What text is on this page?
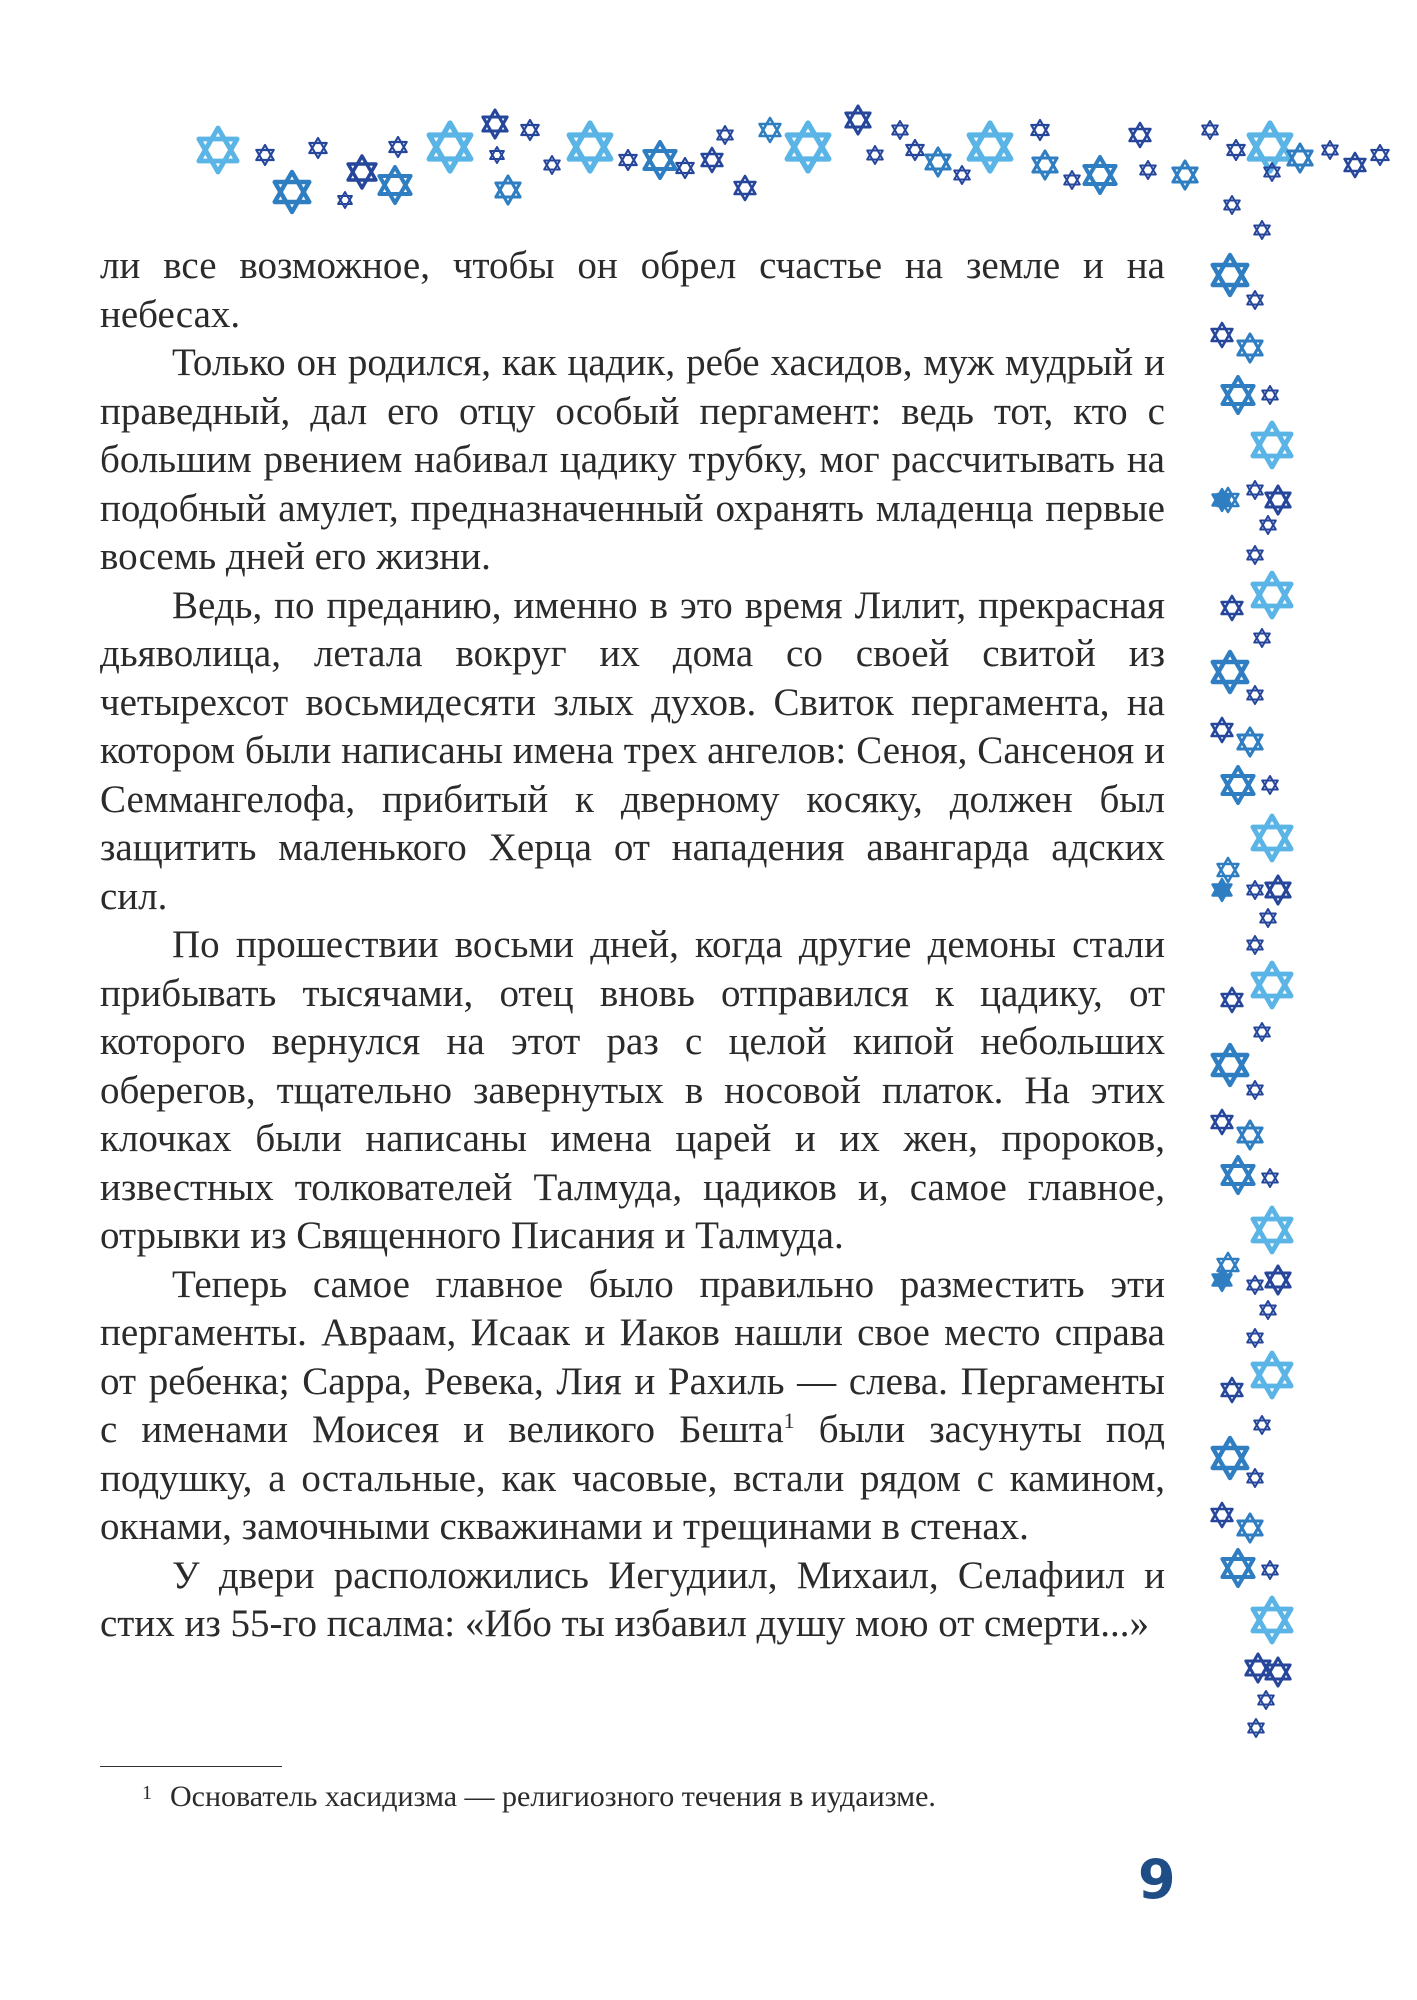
ли все возможное, чтобы он обрел счастье на земле и на небесах.

Только он родился, как цадик, ребе хасидов, муж мудрый и праведный, дал его отцу особый пергамент: ведь тот, кто с большим рвением набивал цадику трубку, мог рассчитывать на подобный амулет, предназначенный охранять младенца первые восемь дней его жизни.

Ведь, по преданию, именно в это время Лилит, прекрасная дьяволица, летала вокруг их дома со своей свитой из четырехсот восьмидесяти злых духов. Свиток пергамента, на котором были написаны имена трех ангелов: Сеноя, Сансеноя и Семмангелофа, прибитый к дверному косяку, должен был защитить маленького Херца от нападения авангарда адских сил.

По прошествии восьми дней, когда другие демоны стали прибывать тысячами, отец вновь отправился к цадику, от которого вернулся на этот раз с целой кипой небольших оберегов, тщательно завернутых в носовой платок. На этих клочках были написаны имена царей и их жен, пророков, известных толкователей Талмуда, цадиков и, самое главное, отрывки из Священного Писания и Талмуда.

Теперь самое главное было правильно разместить эти пергаменты. Авраам, Исаак и Иаков нашли свое место справа от ребенка; Сарра, Ревека, Лия и Рахиль — слева. Пергаменты с именами Моисея и великого Бешта$^1$ были засунуты под подушку, а остальные, как часовые, встали рядом с камином, окнами, замочными скважинами и трещинами в стенах.

У двери расположились Иегудиил, Михаил, Селафиил и стих из 55-го псалма: «Ибо ты избавил душу мою от смерти...»

1 Основатель хасидизма — религиозного течения в иудаизме.

9
